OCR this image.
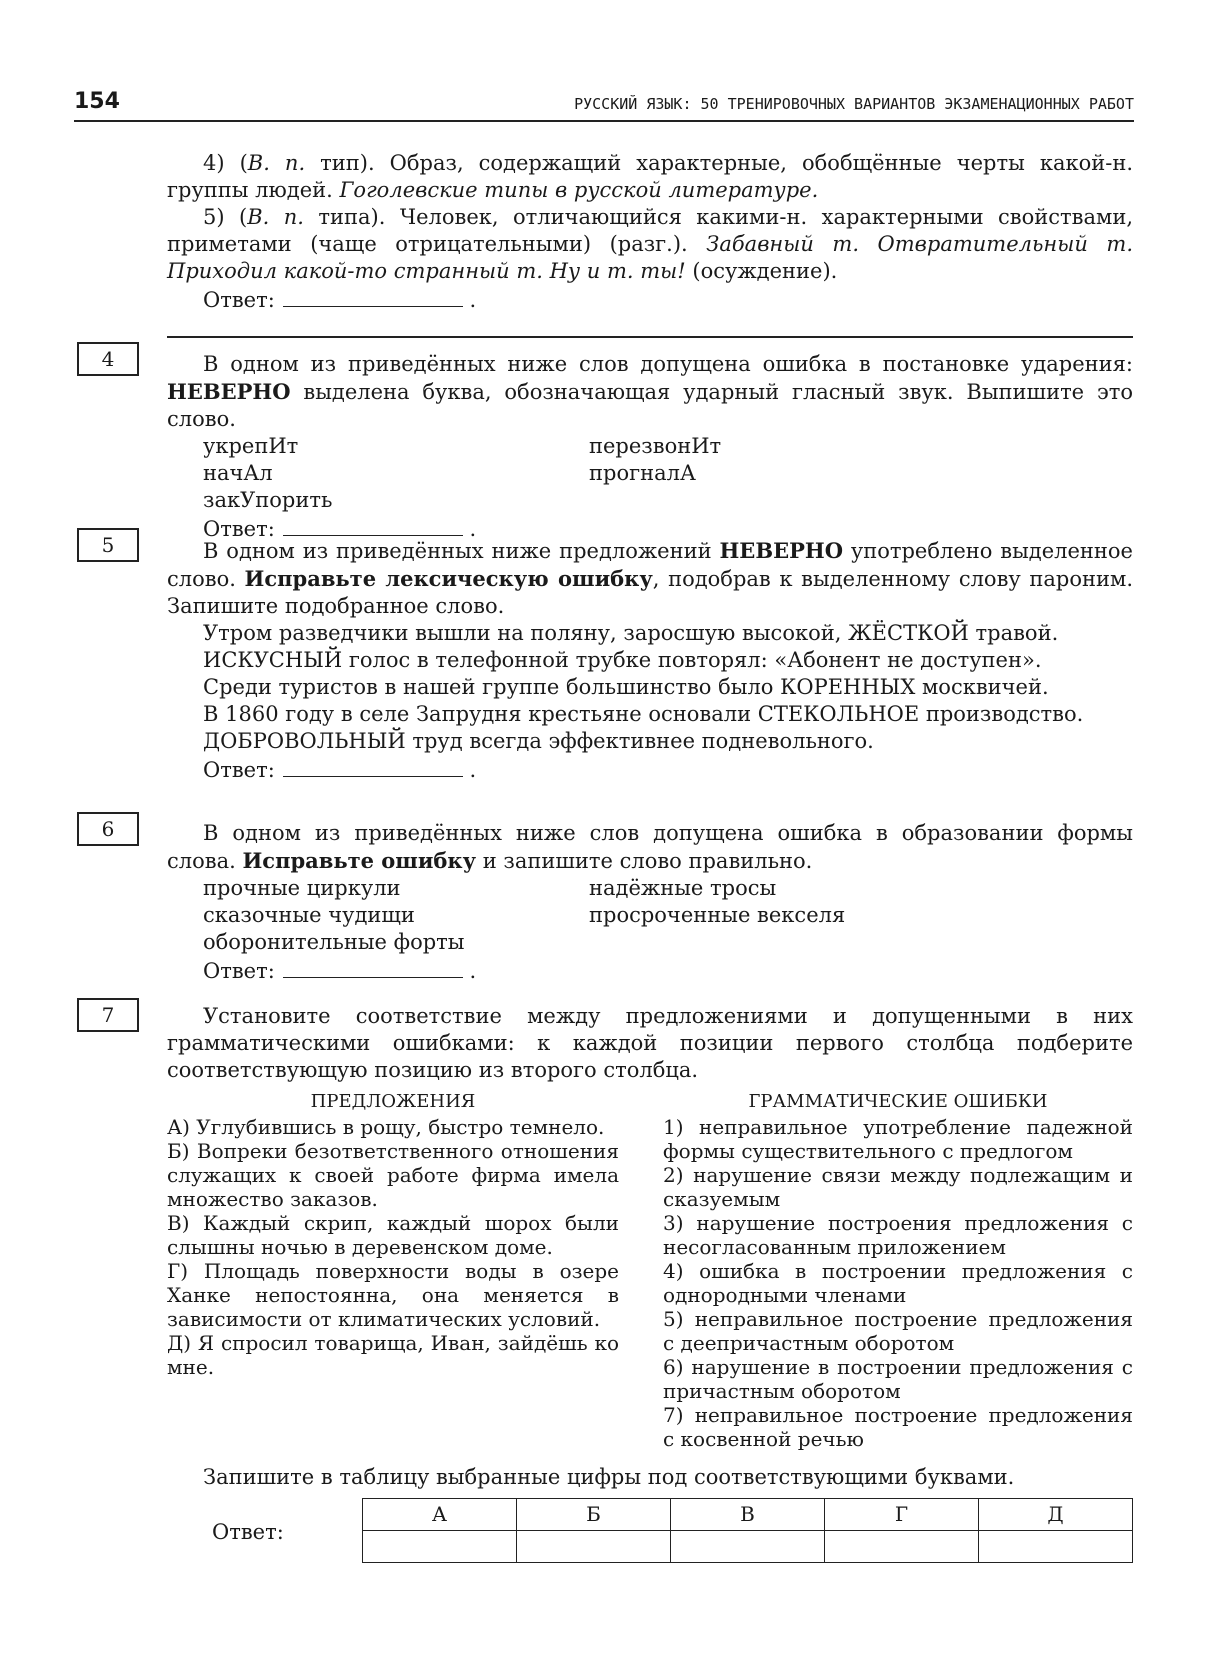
154	РУССКИЙ ЯЗЫК: 50 ТРЕНИРОВОЧНЫХ ВАРИАНТОВ ЭКЗАМЕНАЦИОННЫХ РАБОТ

4) (В. п. тип). Образ, содержащий характерные, обобщённые черты какой-н. группы людей. Гоголевские типы в русской литературе.

5) (В. п. типа). Человек, отличающийся какими-н. характерными свойствами, приметами (чаще отрицательными) (разг.). Забавный т. Отвратительный т. Приходил какой-то странный т. Ну и т. ты! (осуждение).

Ответ:	.
4	В одном из приведённых ниже слов допущена ошибка в постановке ударения: НЕВЕРНО выделена буква, обозначающая ударный гласный звук. Выпишите это слово.

укрепИт
начАл
закУпорить
перезвонИт
прогналА
Ответ:	.
5	В одном из приведённых ниже предложений НЕВЕРНО употреблено выделенное слово. Исправьте лексическую ошибку, подобрав к выделенному слову пароним. Запишите подобранное слово.

Утром разведчики вышли на поляну, заросшую высокой, ЖЁСТКОЙ травой.
ИСКУСНЫЙ голос в телефонной трубке повторял: «Абонент не доступен».
Среди туристов в нашей группе большинство было КОРЕННЫХ москвичей.
В 1860 году в селе Запрудня крестьяне основали СТЕКОЛЬНОЕ производство.
ДОБРОВОЛЬНЫЙ труд всегда эффективнее подневольного.
Ответ:	.
6	В одном из приведённых ниже слов допущена ошибка в образовании формы слова. Исправьте ошибку и запишите слово правильно.

прочные циркули
сказочные чудищи
оборонительные форты
надёжные тросы
просроченные векселя
Ответ:	.
7	Установите соответствие между предложениями и допущенными в них грамматическими ошибками: к каждой позиции первого столбца подберите соответствующую позицию из второго столбца.

ПРЕДЛОЖЕНИЯ
А) Углубившись в рощу, быстро темнело.
Б) Вопреки безответственного отношения служащих к своей работе фирма имела множество заказов.
В) Каждый скрип, каждый шорох были слышны ночью в деревенском доме.
Г) Площадь поверхности воды в озере Ханке непостоянна, она меняется в зависимости от климатических условий.
Д) Я спросил товарища, Иван, зайдёшь ко мне.
ГРАММАТИЧЕСКИЕ ОШИБКИ
1) неправильное употребление падежной формы существительного с предлогом
2) нарушение связи между подлежащим и сказуемым
3) нарушение построения предложения с несогласованным приложением
4) ошибка в построении предложения с однородными членами
5) неправильное построение предложения с деепричастным оборотом
6) нарушение в построении предложения с причастным оборотом
7) неправильное построение предложения с косвенной речью

Запишите в таблицу выбранные цифры под соответствующими буквами.

Ответ:
А	Б	В	Г	Д
